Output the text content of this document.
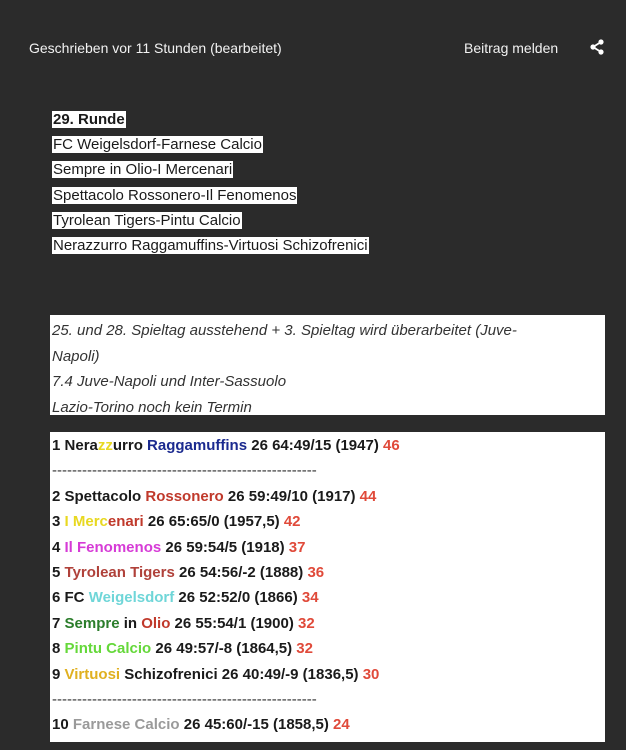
Geschrieben vor 11 Stunden (bearbeitet)	Beitrag melden
29. Runde
FC Weigelsdorf-Farnese Calcio
Sempre in Olio-I Mercenari
Spettacolo Rossonero-Il Fenomenos
Tyrolean Tigers-Pintu Calcio
Nerazzurro Raggamuffins-Virtuosi Schizofrenici
25. und 28. Spieltag ausstehend + 3. Spieltag wird überarbeitet (Juve-
Napoli)
7.4 Juve-Napoli und Inter-Sassuolo
Lazio-Torino noch kein Termin
1 Nerazzurro Raggamuffins 26 64:49/15 (1947) 46
-----------------------------------------------------
2 Spettacolo Rossonero 26 59:49/10 (1917) 44
3 I Mercenari 26 65:65/0 (1957,5) 42
4 Il Fenomenos 26 59:54/5 (1918) 37
5 Tyrolean Tigers 26 54:56/-2 (1888) 36
6 FC Weigelsdorf 26 52:52/0 (1866) 34
7 Sempre in Olio 26 55:54/1 (1900) 32
8 Pintu Calcio 26 49:57/-8 (1864,5) 32
9 Virtuosi Schizofrenici 26 40:49/-9 (1836,5) 30
-----------------------------------------------------
10 Farnese Calcio 26 45:60/-15 (1858,5) 24
